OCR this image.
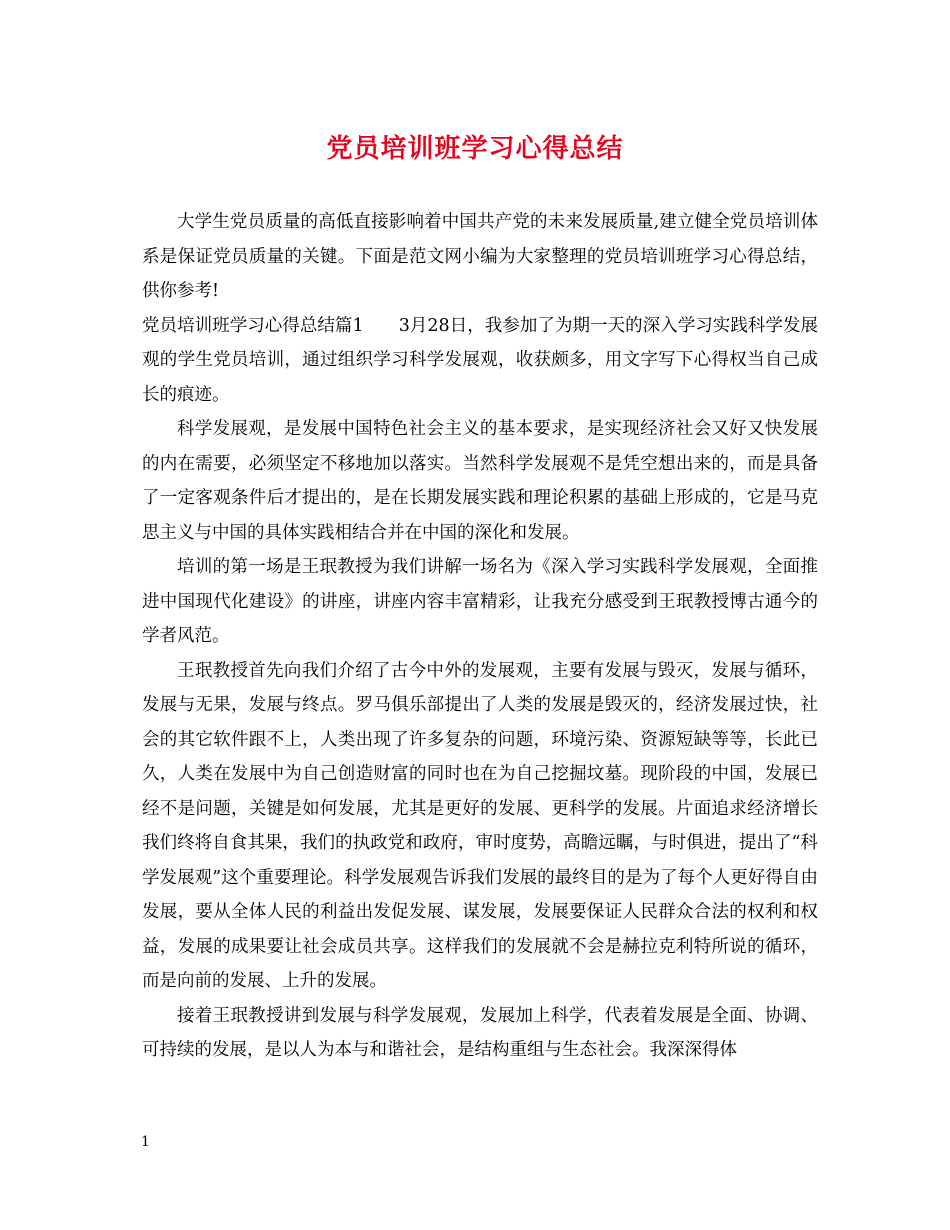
党员培训班学习心得总结

大学生党员质量的高低直接影响着中国共产党的未来发展质量,建立健全党员培训体系是保证党员质量的关键。下面是范文网小编为大家整理的党员培训班学习心得总结，供你参考!

党员培训班学习心得总结篇1　　3月28日，我参加了为期一天的深入学习实践科学发展观的学生党员培训，通过组织学习科学发展观，收获颇多，用文字写下心得权当自己成长的痕迹。

科学发展观，是发展中国特色社会主义的基本要求，是实现经济社会又好又快发展的内在需要，必须坚定不移地加以落实。当然科学发展观不是凭空想出来的，而是具备了一定客观条件后才提出的，是在长期发展实践和理论积累的基础上形成的，它是马克思主义与中国的具体实践相结合并在中国的深化和发展。

培训的第一场是王珉教授为我们讲解一场名为《深入学习实践科学发展观，全面推进中国现代化建设》的讲座，讲座内容丰富精彩，让我充分感受到王珉教授博古通今的学者风范。

王珉教授首先向我们介绍了古今中外的发展观，主要有发展与毁灭，发展与循环，发展与无果，发展与终点。罗马俱乐部提出了人类的发展是毁灭的，经济发展过快，社会的其它软件跟不上，人类出现了许多复杂的问题，环境污染、资源短缺等等，长此已久，人类在发展中为自己创造财富的同时也在为自己挖掘坟墓。现阶段的中国，发展已经不是问题，关键是如何发展，尤其是更好的发展、更科学的发展。片面追求经济增长我们终将自食其果，我们的执政党和政府，审时度势，高瞻远瞩，与时俱进，提出了“科学发展观”这个重要理论。科学发展观告诉我们发展的最终目的是为了每个人更好得自由发展，要从全体人民的利益出发促发展、谋发展，发展要保证人民群众合法的权利和权益，发展的成果要让社会成员共享。这样我们的发展就不会是赫拉克利特所说的循环，而是向前的发展、上升的发展。

接着王珉教授讲到发展与科学发展观，发展加上科学，代表着发展是全面、协调、可持续的发展，是以人为本与和谐社会，是结构重组与生态社会。我深深得体

1
